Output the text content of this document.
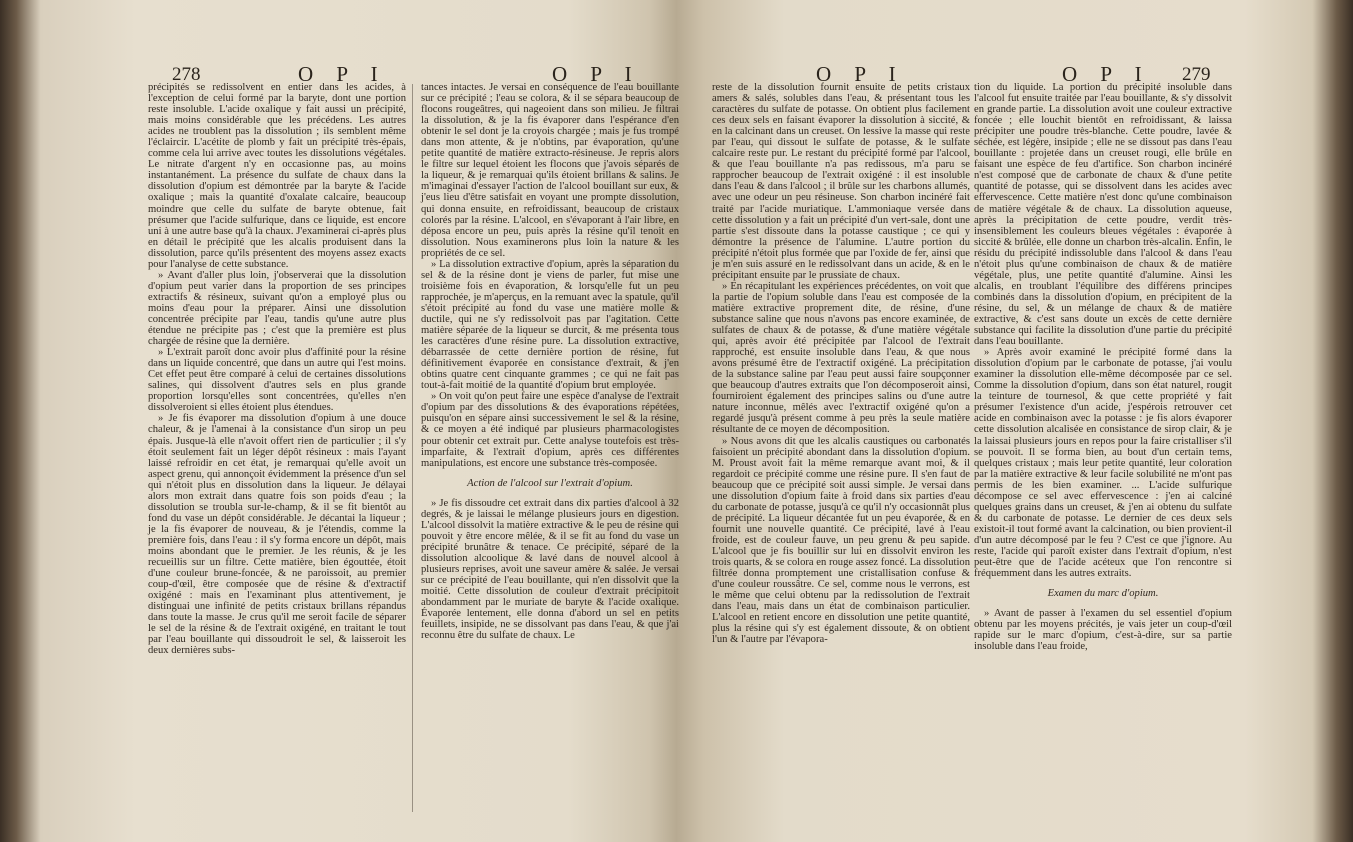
278	O P I	O P I

précipités se redissolvent en entier dans les acides, à l'exception de celui formé par la baryte, dont une portion reste insoluble. L'acide oxalique y fait aussi un précipité, mais moins considérable que les précédens. Les autres acides ne troublent pas la dissolution ; ils semblent même l'éclaircir. L'acétite de plomb y fait un précipité très-épais, comme cela lui arrive avec toutes les dissolutions végétales. Le nitrate d'argent n'y en occasionne pas, au moins instantanément. La présence du sulfate de chaux dans la dissolution d'opium est démontrée par la baryte & l'acide oxalique ; mais la quantité d'oxalate calcaire, beaucoup moindre que celle du sulfate de baryte obtenue, fait présumer que l'acide sulfurique, dans ce liquide, est encore uni à une autre base qu'à la chaux. J'examinerai ci-après plus en détail le précipité que les alcalis produisent dans la dissolution, parce qu'ils présentent des moyens assez exacts pour l'analyse de cette substance.

» Avant d'aller plus loin, j'observerai que la dissolution d'opium peut varier dans la proportion de ses principes extractifs & résineux, suivant qu'on a employé plus ou moins d'eau pour la préparer. Ainsi une dissolution concentrée précipite par l'eau, tandis qu'une autre plus étendue ne précipite pas ; c'est que la première est plus chargée de résine que la dernière.

» L'extrait paroît donc avoir plus d'affinité pour la résine dans un liquide concentré, que dans un autre qui l'est moins. Cet effet peut être comparé à celui de certaines dissolutions salines, qui dissolvent d'autres sels en plus grande proportion lorsqu'elles sont concentrées, qu'elles n'en dissolveroient si elles étoient plus étendues.

» Je fis évaporer ma dissolution d'opium à une douce chaleur, & je l'amenai à la consistance d'un sirop un peu épais. Jusque-là elle n'avoit offert rien de particulier ; il s'y étoit seulement fait un léger dépôt résineux : mais l'ayant laissé refroidir en cet état, je remarquai qu'elle avoit un aspect grenu, qui annonçoit évidemment la présence d'un sel qui n'étoit plus en dissolution dans la liqueur. Je délayai alors mon extrait dans quatre fois son poids d'eau ; la dissolution se troubla sur-le-champ, & il se fit bientôt au fond du vase un dépôt considérable. Je décantai la liqueur ; je la fis évaporer de nouveau, & je l'étendis, comme la première fois, dans l'eau : il s'y forma encore un dépôt, mais moins abondant que le premier. Je les réunis, & je les recueillis sur un filtre. Cette matière, bien égouttée, étoit d'une couleur brune-foncée, & ne paroissoit, au premier coup-d'œil, être composée que de résine & d'extractif oxigéné : mais en l'examinant plus attentivement, je distinguai une infinité de petits cristaux brillans répandus dans toute la masse. Je crus qu'il me seroit facile de séparer le sel de la résine & de l'extrait oxigéné, en traitant le tout par l'eau bouillante qui dissoudroit le sel, & laisseroit les deux dernières subs-

tances intactes. Je versai en conséquence de l'eau bouillante sur ce précipité ; l'eau se colora, & il se sépara beaucoup de flocons rougeâtres, qui nageoient dans son milieu. Je filtrai la dissolution, & je la fis évaporer dans l'espérance d'en obtenir le sel dont je la croyois chargée ; mais je fus trompé dans mon attente, & je n'obtins, par évaporation, qu'une petite quantité de matière extracto-résineuse. Je repris alors le filtre sur lequel étoient les flocons que j'avois séparés de la liqueur, & je remarquai qu'ils étoient brillans & salins. Je m'imaginai d'essayer l'action de l'alcool bouillant sur eux, & j'eus lieu d'être satisfait en voyant une prompte dissolution, qui donna ensuite, en refroidissant, beaucoup de cristaux colorés par la résine. L'alcool, en s'évaporant à l'air libre, en déposa encore un peu, puis après la résine qu'il tenoit en dissolution. Nous examinerons plus loin la nature & les propriétés de ce sel.

» La dissolution extractive d'opium, après la séparation du sel & de la résine dont je viens de parler, fut mise une troisième fois en évaporation, & lorsqu'elle fut un peu rapprochée, je m'aperçus, en la remuant avec la spatule, qu'il s'étoit précipité au fond du vase une matière molle & ductile, qui ne s'y redissolvoit pas par l'agitation. Cette matière séparée de la liqueur se durcit, & me présenta tous les caractères d'une résine pure. La dissolution extractive, débarrassée de cette dernière portion de résine, fut définitivement évaporée en consistance d'extrait, & j'en obtins quatre cent cinquante grammes ; ce qui ne fait pas tout-à-fait moitié de la quantité d'opium brut employée.

» On voit qu'on peut faire une espèce d'analyse de l'extrait d'opium par des dissolutions & des évaporations répétées, puisqu'on en sépare ainsi successivement le sel & la résine, & ce moyen a été indiqué par plusieurs pharmacologistes pour obtenir cet extrait pur. Cette analyse toutefois est très-imparfaite, & l'extrait d'opium, après ces différentes manipulations, est encore une substance très-composée.

Action de l'alcool sur l'extrait d'opium.

» Je fis dissoudre cet extrait dans dix parties d'alcool à 32 degrés, & je laissai le mélange plusieurs jours en digestion. L'alcool dissolvit la matière extractive & le peu de résine qui pouvoit y être encore mêlée, & il se fit au fond du vase un précipité brunâtre & tenace. Ce précipité, séparé de la dissolution alcoolique & lavé dans de nouvel alcool à plusieurs reprises, avoit une saveur amère & salée. Je versai sur ce précipité de l'eau bouillante, qui n'en dissolvit que la moitié. Cette dissolution de couleur d'extrait précipitoit abondamment par le muriate de baryte & l'acide oxalique. Évaporée lentement, elle donna d'abord un sel en petits feuillets, insipide, ne se dissolvant pas dans l'eau, & que j'ai reconnu être du sulfate de chaux. Le

O P I	O P I 279

reste de la dissolution fournit ensuite de petits cristaux amers & salés, solubles dans l'eau, & présentant tous les caractères du sulfate de potasse. On obtient plus facilement ces deux sels en faisant évaporer la dissolution à siccité, & en la calcinant dans un creuset. On lessive la masse qui reste par l'eau, qui dissout le sulfate de potasse, & le sulfate calcaire reste pur. Le restant du précipité formé par l'alcool, & que l'eau bouillante n'a pas redissous, m'a paru se rapprocher beaucoup de l'extrait oxigéné : il est insoluble dans l'eau & dans l'alcool ; il brûle sur les charbons allumés, avec une odeur un peu résineuse. Son charbon incinéré fait traité par l'acide muriatique. L'ammoniaque versée dans cette dissolution y a fait un précipité d'un vert-sale, dont une partie s'est dissoute dans la potasse caustique ; ce qui y démontre la présence de l'alumine. L'autre portion du précipité n'étoit plus formée que par l'oxide de fer, ainsi que je m'en suis assuré en le redissolvant dans un acide, & en le précipitant ensuite par le prussiate de chaux.

» En récapitulant les expériences précédentes, on voit que la partie de l'opium soluble dans l'eau est composée de la matière extractive proprement dite, de résine, d'une substance saline que nous n'avons pas encore examinée, de sulfates de chaux & de potasse, & d'une matière végétale qui, après avoir été précipitée par l'alcool de l'extrait rapproché, est ensuite insoluble dans l'eau, & que nous avons présumé être de l'extractif oxigéné. La précipitation de la substance saline par l'eau peut aussi faire soupçonner que beaucoup d'autres extraits que l'on décomposeroit ainsi, fourniroient également des principes salins ou d'une autre nature inconnue, mêlés avec l'extractif oxigéné qu'on a regardé jusqu'à présent comme à peu près la seule matière résultante de ce moyen de décomposition.

» Nous avons dit que les alcalis caustiques ou carbonatés faisoient un précipité abondant dans la dissolution d'opium. M. Proust avoit fait la même remarque avant moi, & il regardoit ce précipité comme une résine pure. Il s'en faut de beaucoup que ce précipité soit aussi simple. Je versai dans une dissolution d'opium faite à froid dans six parties d'eau du carbonate de potasse, jusqu'à ce qu'il n'y occasionnât plus de précipité. La liqueur décantée fut un peu évaporée, & en fournit une nouvelle quantité. Ce précipité, lavé à l'eau froide, est de couleur fauve, un peu grenu & peu sapide. L'alcool que je fis bouillir sur lui en dissolvit environ les trois quarts, & se colora en rouge assez foncé. La dissolution filtrée donna promptement une cristallisation confuse & d'une couleur roussâtre. Ce sel, comme nous le verrons, est le même que celui obtenu par la redissolution de l'extrait dans l'eau, mais dans un état de combinaison particulier. L'alcool en retient encore en dissolution une petite quantité, plus la résine qui s'y est également dissoute, & on obtient l'un & l'autre par l'évapora-

tion du liquide. La portion du précipité insoluble dans l'alcool fut ensuite traitée par l'eau bouillante, & s'y dissolvit en grande partie. La dissolution avoit une couleur extractive foncée ; elle louchit bientôt en refroidissant, & laissa précipiter une poudre très-blanche. Cette poudre, lavée & séchée, est légère, insipide ; elle ne se dissout pas dans l'eau bouillante : projetée dans un creuset rougi, elle brûle en faisant une espèce de feu d'artifice. Son charbon incinéré n'est composé que de carbonate de chaux & d'une petite quantité de potasse, qui se dissolvent dans les acides avec effervescence. Cette matière n'est donc qu'une combinaison de matière végétale & de chaux. La dissolution aqueuse, après la précipitation de cette poudre, verdit très-insensiblement les couleurs bleues végétales : évaporée à siccité & brûlée, elle donne un charbon très-alcalin. Enfin, le résidu du précipité indissoluble dans l'alcool & dans l'eau n'étoit plus qu'une combinaison de chaux & de matière végétale, plus, une petite quantité d'alumine. Ainsi les alcalis, en troublant l'équilibre des différens principes combinés dans la dissolution d'opium, en précipitent de la résine, du sel, & un mélange de chaux & de matière extractive, & c'est sans doute un excès de cette dernière substance qui facilite la dissolution d'une partie du précipité dans l'eau bouillante.

» Après avoir examiné le précipité formé dans la dissolution d'opium par le carbonate de potasse, j'ai voulu examiner la dissolution elle-même décomposée par ce sel. Comme la dissolution d'opium, dans son état naturel, rougit la teinture de tournesol, & que cette propriété y fait présumer l'existence d'un acide, j'espérois retrouver cet acide en combinaison avec la potasse : je fis alors évaporer cette dissolution alcalisée en consistance de sirop clair, & je la laissai plusieurs jours en repos pour la faire cristalliser s'il se pouvoit. Il se forma bien, au bout d'un certain tems, quelques cristaux ; mais leur petite quantité, leur coloration par la matière extractive & leur facile solubilité ne m'ont pas permis de les bien examiner. ... L'acide sulfurique décompose ce sel avec effervescence : j'en ai calciné quelques grains dans un creuset, & j'en ai obtenu du sulfate & du carbonate de potasse. Le dernier de ces deux sels existoit-il tout formé avant la calcination, ou bien provient-il d'un autre décomposé par le feu ? C'est ce que j'ignore. Au reste, l'acide qui paroît exister dans l'extrait d'opium, n'est peut-être que de l'acide acéteux que l'on rencontre si fréquemment dans les autres extraits.

Examen du marc d'opium.

» Avant de passer à l'examen du sel essentiel d'opium obtenu par les moyens précités, je vais jeter un coup-d'œil rapide sur le marc d'opium, c'est-à-dire, sur sa partie insoluble dans l'eau froide,
